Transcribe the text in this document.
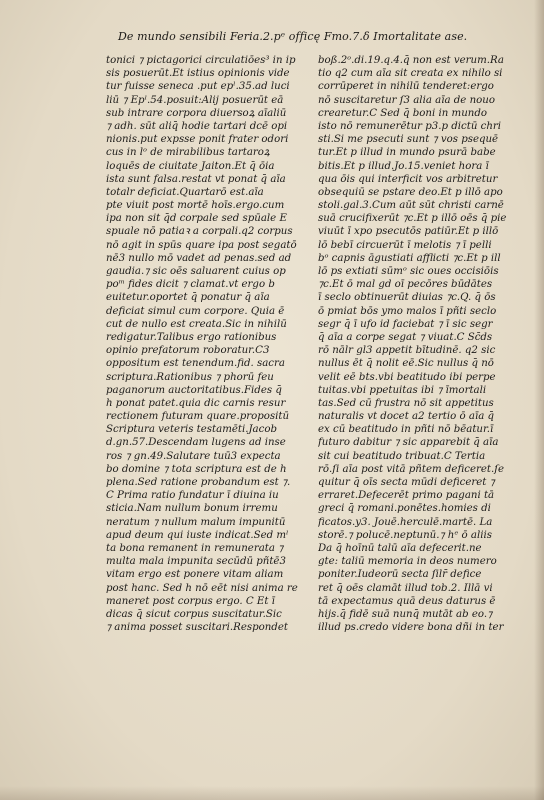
De mundo sensibili Feria.2.pᵉ officę Fmo.7.δ Imortalitate ase.
tonici ⁊ pictagorici circulatiōes³ in ip
sis posuerūt.Et istius opinionis vide
tur fuisse seneca .put epˡ.35.ad luci
liū ⁊ Epˡ.54.posuit:Alij posuerūt eā
sub intrare corpora diuersoꝝ aīaliū
⁊ adh. sūt aliq̄ hodie tartari dcē opi
nionis.put expsse ponit frater odori
cus in lᵒ de mirabilibus tartaroꝝ
loquēs de ciuitate Jaiton.Et q̄ ōia
ista sunt falsa.restat vt ponat q̄ aīa
totalr deficiat.Quartarō est.aīa
pte viuit post mortē hoīs.ergo.cum
ipa non sit q̄d corpale sed spūale E
spuale nō patiaꝛ a corpali.q2 corpus
nō agit in spūs quare ipa post segatō
nē3 nullo mō vadet ad penas.sed ad
gaudia.⁊ sic oēs saluarent cuius op
poᵐ fides dicit ⁊ clamat.vt ergo b
euitetur.oportet q̄ ponatur q̄ aīa
deficiat simul cum corpore. Quia ē
cut de nullo est creata.Sic in nihilū
redigatur.Talibus ergo rationibus
opinio prefatorum roboratur.C3
oppositum est tenendum.fid. sacra
scriptura.Rationibus ⁊ phorū feu
paganorum auctoritatibus.Fides q̄
h ponat patet.quia dic carnis resur
rectionem futuram quare.propositū
Scriptura veteris testamēti.Jacob
d.gn.57.Descendam lugens ad inse
ros ⁊ gn.49.Salutare tuū3 expecta
bo domine ⁊ tota scriptura est de h
plena.Sed ratione probandum est ⁊.
C Prima ratio fundatur ī diuina iu
sticia.Nam nullum bonum irremu
neratum ⁊ nullum malum impunitū
apud deum qui iuste indicat.Sed mˡ
ta bona remanent in remunerata ⁊
multa mala impunita secūdū pñtē3
vitam ergo est ponere vitam aliam
post hanc. Sed h nō eēt nisi anima re
maneret post corpus ergo. C Et ī
dicas q̄ sicut corpus suscitatur.Sic
⁊ anima posset suscitari.Respondet
boß.2ᵒ.di.19.q.4.q̄ non est verum.Ra
tio q2 cum aīa sit creata ex nihilo si
corrūperet in nihilū tenderet:ergo
nō suscitaretur ſ3 alia aīa de nouo
crearetur.C Sed q̄ boni in mundo
isto nō remunerētur p3.p dictū chri
sti.Si me psecuti sunt ⁊ vos psequē
tur.Et p illud in mundo psurā babe
bitis.Et p illud.Jo.15.veniet hora ī
qua ōis qui interficit vos arbitretur
obsequiū se pstare deo.Et p illō apo
stoli.gal.3.Cum aūt sūt christi carnē
suā crucifixerūt ⁊c.Et p illō oēs q̄ pie
viuūt ī xpo psecutōs patiūr.Et p illō
lō bebī circuerūt ī melotis ⁊ ī pelli
bᵒ capnis āgustiati afflicti ⁊c.Et p ill
lō ps extiati sūmᵒ sic oues occisiōis
⁊c.Et ō mal gd oī pecōres būdātes
ī seclo obtinuerūt diuias ⁊c.Q. q̄ ōs
ō pmiat bōs ymo malos ī pñti seclo
segr q̄ ī ufo id faciebat ⁊ ī sic segr
q̄ aīa a corpe segat ⁊ viuat.C Sc̄ds
rō nālr gl3 appetit bītudinē. q2 sic
nullus ēt q̄ nolit eē.Sic nullus q̄ nō
velit eē bts.vbi beatitudo ibi perpe
tuitas.vbi ppetuitas ibi ⁊ īmortali
tas.Sed cū frustra nō sit appetitus
naturalis vt docet a2 tertio ō aīa q̄
ex cū beatitudo in pñti nō bēatur.ī
futuro dabitur ⁊ sic apparebit q̄ aīa
sit cui beatitudo tribuat.C Tertia
rō.ſi aīa post vitā pñtem deficeret.ſe
quitur q̄ oīs secta mūdi deficeret ⁊
erraret.Defecerēt primo pagani tā
greci q̄ romani.ponētes.homies di
ficatos.y3. Jouē.herculē.martē. La
storē.⁊ polucē.neptunū.⁊ hᵉ ō aliis
Da q̄ hoīnū talū aīa defecerit.ne
gte: taliū memoria in deos numero
poniter.Iudeorū secta ſilr̄ defice
ret q̄ oēs clamāt illud tob.2. Illā vi
tā expectamus quā deus daturus ē
hijs.q̄ fidē suā nunq̄ mutāt ab eo.⁊
illud ps.credo videre bona dñi in ter
